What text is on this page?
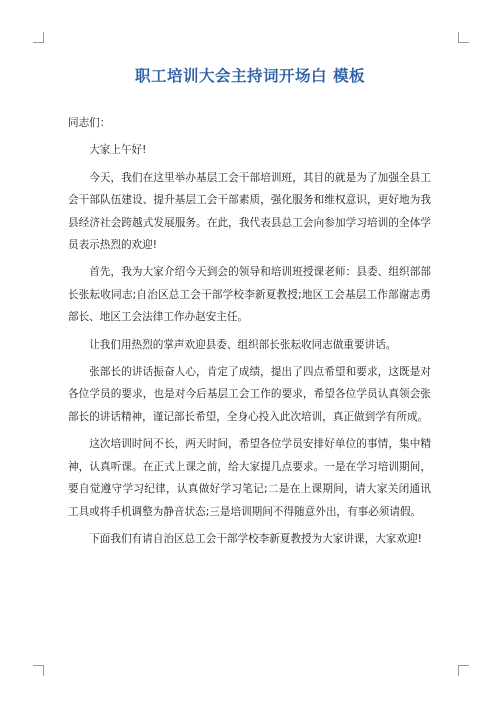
职工培训大会主持词开场白 模板

同志们：

大家上午好!

今天，我们在这里举办基层工会干部培训班，其目的就是为了加强全县工会干部队伍建设、提升基层工会干部素质，强化服务和维权意识，更好地为我县经济社会跨越式发展服务。在此，我代表县总工会向参加学习培训的全体学员表示热烈的欢迎!

首先，我为大家介绍今天到会的领导和培训班授课老师：县委、组织部部长张耘收同志;自治区总工会干部学校李新夏教授;地区工会基层工作部谢志勇部长、地区工会法律工作办赵安主任。

让我们用热烈的掌声欢迎县委、组织部长张耘收同志做重要讲话。

张部长的讲话振奋人心，肯定了成绩，提出了四点希望和要求，这既是对各位学员的要求，也是对今后基层工会工作的要求，希望各位学员认真领会张部长的讲话精神，谨记部长希望，全身心投入此次培训，真正做到学有所成。

这次培训时间不长，两天时间，希望各位学员安排好单位的事情，集中精神，认真听课。在正式上课之前，给大家提几点要求。一是在学习培训期间，要自觉遵守学习纪律，认真做好学习笔记;二是在上课期间，请大家关闭通讯工具或将手机调整为静音状态;三是培训期间不得随意外出，有事必须请假。

下面我们有请自治区总工会干部学校李新夏教授为大家讲课，大家欢迎!
